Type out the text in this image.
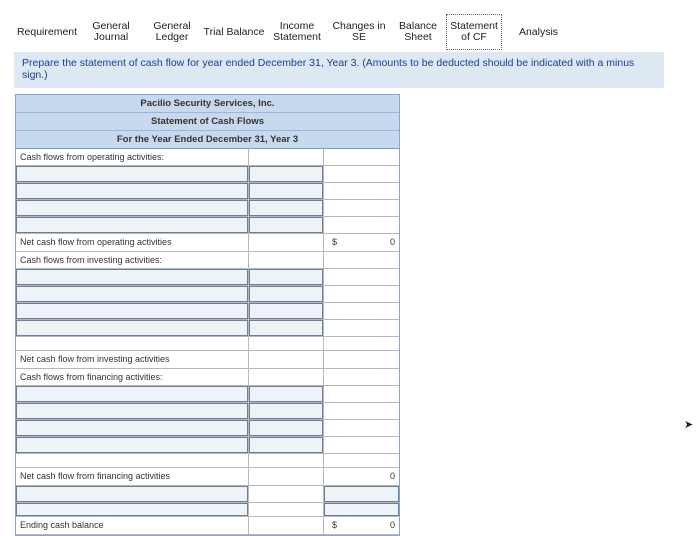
Requirement General
Journal
General
Ledger Trial Balance Income
Statement
Changes in
SE
Balance
Sheet
Statement
of CF	Analysis
Prepare the statement of cash flow for year ended December 31, Year 3. (Amounts to be deducted should be indicated with a minus sign.)
Pacilio Security Services, Inc.
Statement of Cash Flows
For the Year Ended December 31, Year 3
Cash flows from operating activities:
Net cash flow from operating activities	$	0
Cash flows from investing activities:
Net cash flow from investing activities
Cash flows from financing activities:
Net cash flow from financing activities	0
Ending cash balance	$	0
➤
